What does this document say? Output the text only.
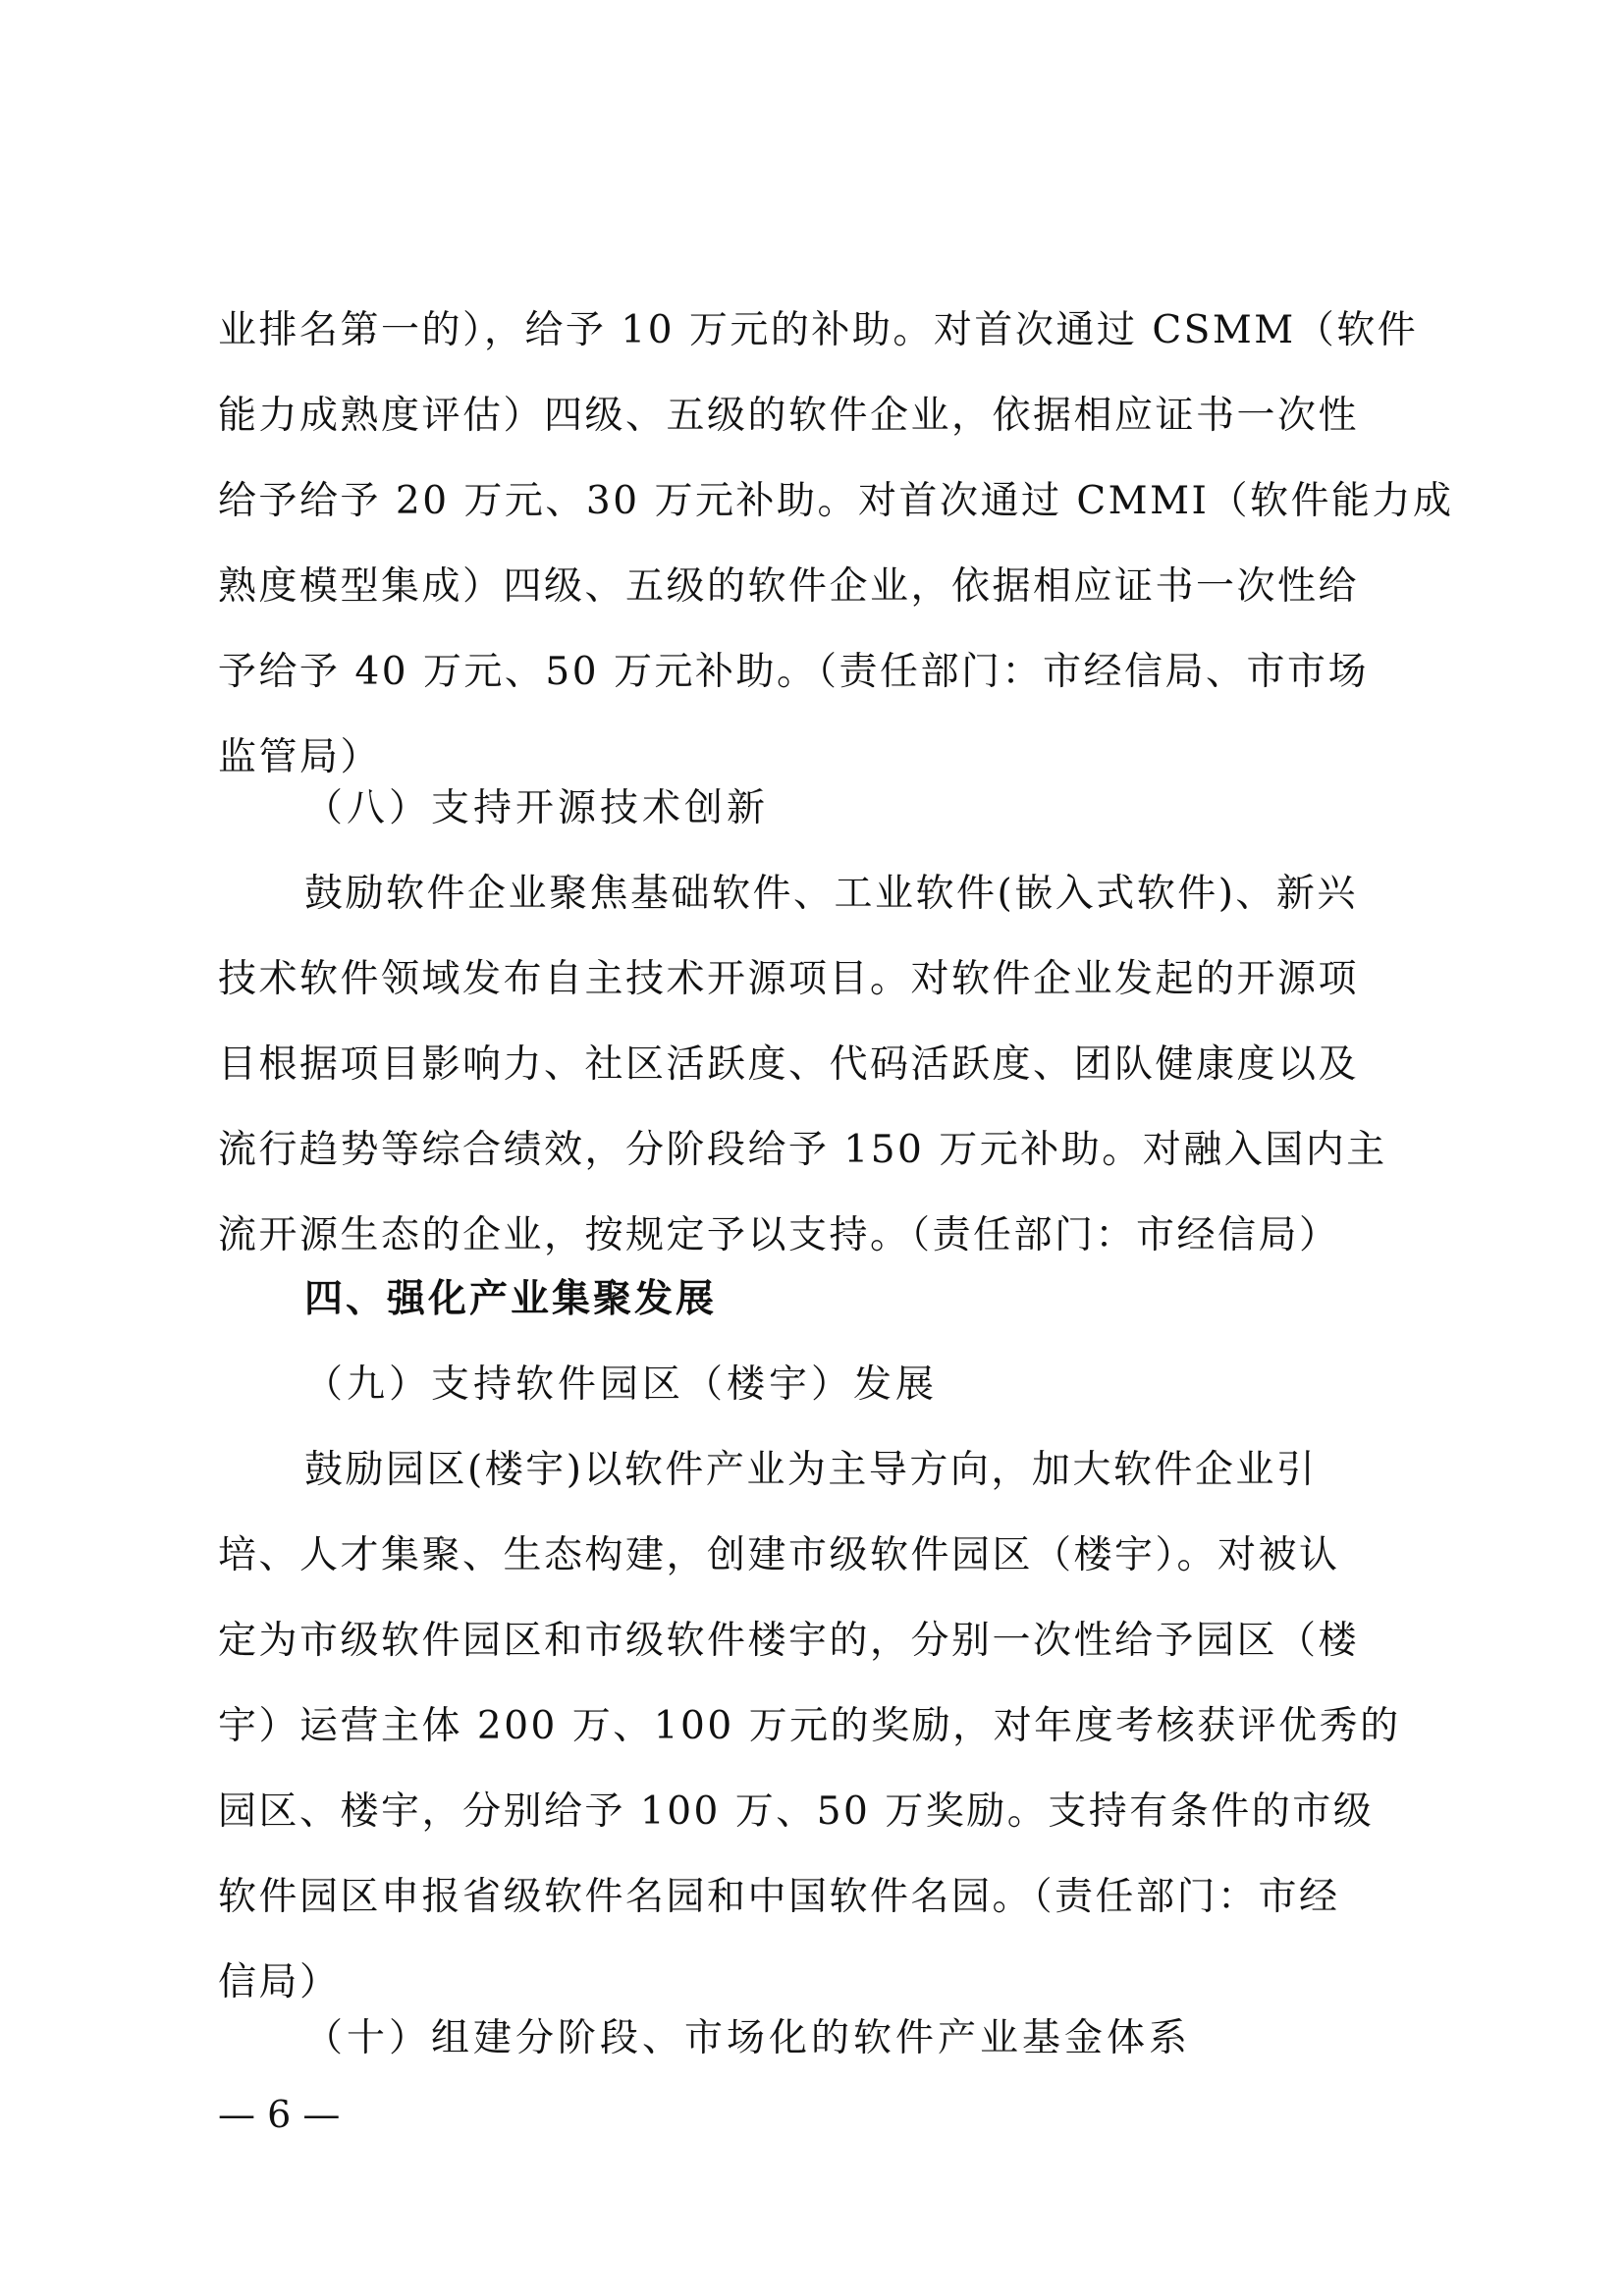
业排名第一的），给予 10 万元的补助。对首次通过 CSMM（软件
能力成熟度评估）四级、五级的软件企业，依据相应证书一次性
给予给予 20 万元、30 万元补助。对首次通过 CMMI（软件能力成
熟度模型集成）四级、五级的软件企业，依据相应证书一次性给
予给予 40 万元、50 万元补助。（责任部门：市经信局、市市场
监管局）
（八）支持开源技术创新
鼓励软件企业聚焦基础软件、工业软件(嵌入式软件)、新兴
技术软件领域发布自主技术开源项目。对软件企业发起的开源项
目根据项目影响力、社区活跃度、代码活跃度、团队健康度以及
流行趋势等综合绩效，分阶段给予 150 万元补助。对融入国内主
流开源生态的企业，按规定予以支持。（责任部门：市经信局）
四、强化产业集聚发展
（九）支持软件园区（楼宇）发展
鼓励园区(楼宇)以软件产业为主导方向，加大软件企业引
培、人才集聚、生态构建，创建市级软件园区（楼宇）。对被认
定为市级软件园区和市级软件楼宇的，分别一次性给予园区（楼
宇）运营主体 200 万、100 万元的奖励，对年度考核获评优秀的
园区、楼宇，分别给予 100 万、50 万奖励。支持有条件的市级
软件园区申报省级软件名园和中国软件名园。（责任部门：市经
信局）
（十）组建分阶段、市场化的软件产业基金体系
— 6 —
